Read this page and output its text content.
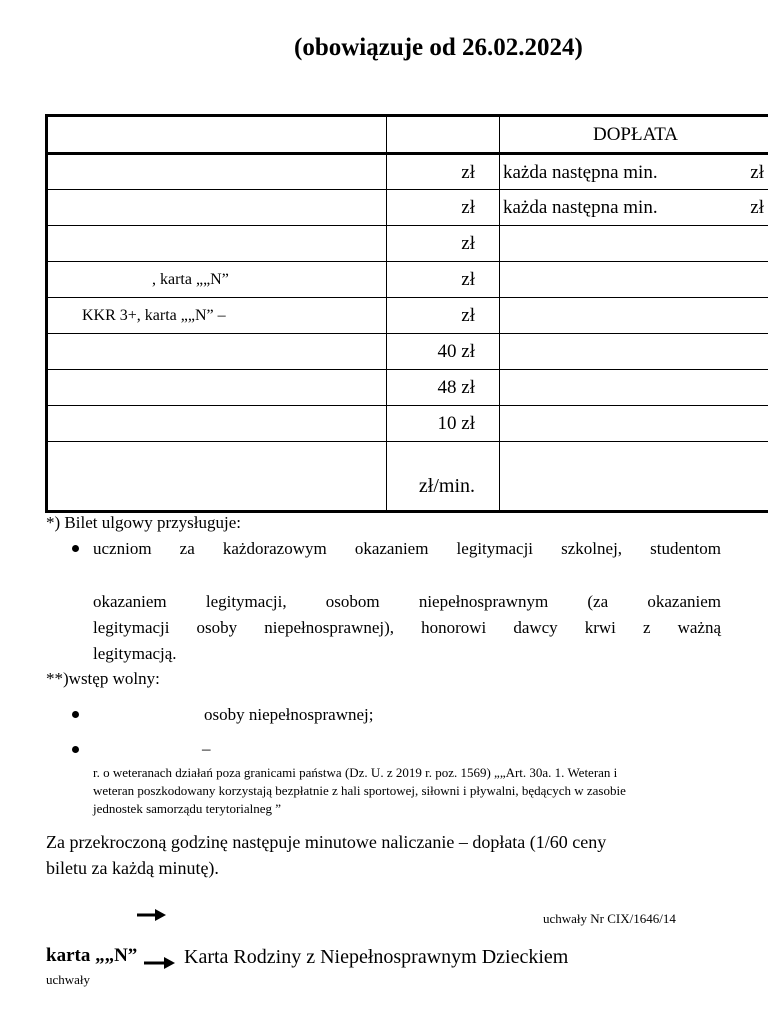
(obowiązuje od 26.02.2024)

		DOPŁATA

	zł	każda następna min. zł

	zł	każda następna min. zł

	zł	
, karta „„N”	zł	
KKR 3+, karta „„N” –	zł	
	40 zł	
	48 zł	
	10 zł	
	zł/min.	
*) Bilet ulgowy przysługuje:
uczniom za każdorazowym okazaniem legitymacji szkolnej, studentom
okazaniem legitymacji, osobom niepełnosprawnym (za okazaniem
legitymacji osoby niepełnosprawnej), honorowi dawcy krwi z ważną
legitymacją.
**)wstęp wolny:
osoby niepełnosprawnej;
–
r. o weteranach działań poza granicami państwa (Dz. U. z 2019 r. poz. 1569) „„Art. 30a. 1. Weteran i
weteran poszkodowany korzystają bezpłatnie z hali sportowej, siłowni i pływalni, będących w zasobie
jednostek samorządu terytorialneg ”
Za przekroczoną godzinę następuje minutowe naliczanie – dopłata (1/60 ceny
biletu za każdą minutę).
uchwały Nr CIX/1646/14
karta „„N” Karta Rodziny z Niepełnosprawnym Dzieckiem
uchwały
